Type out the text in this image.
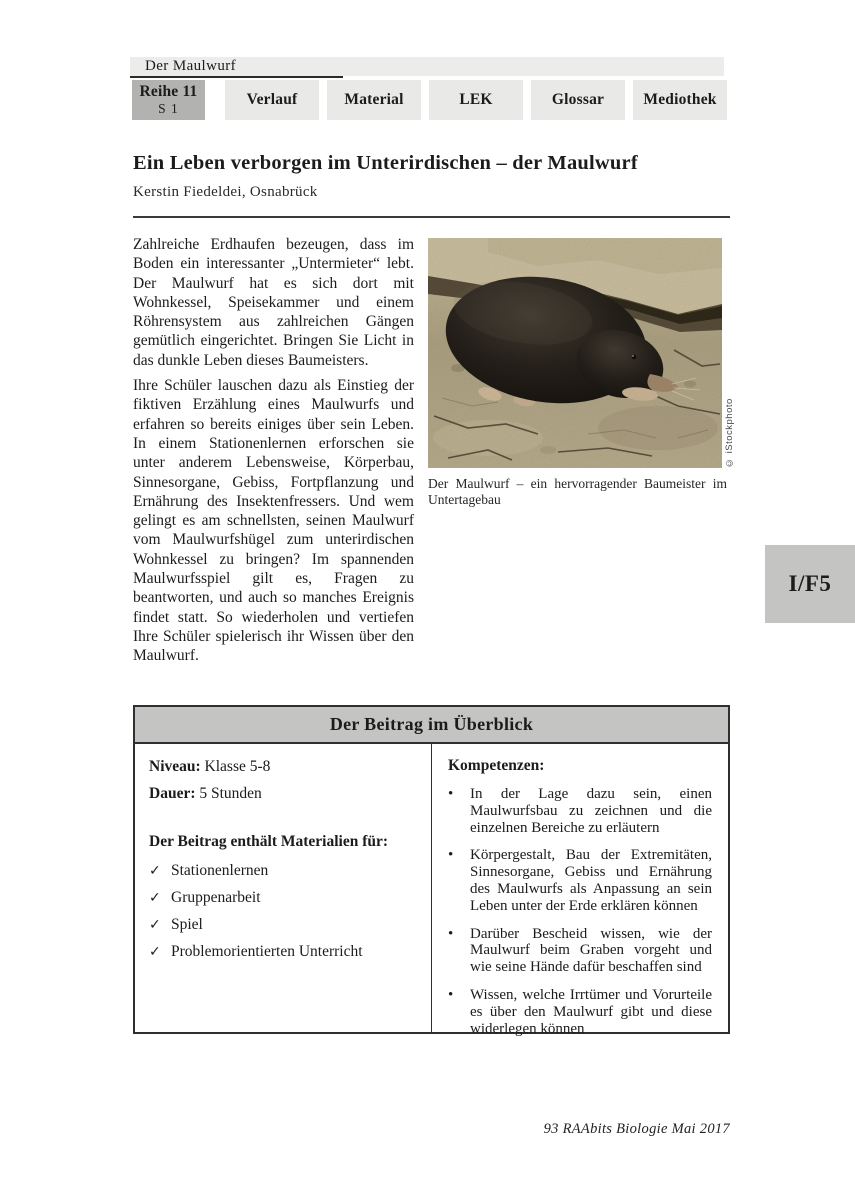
Der Maulwurf
Reihe 11
S 1
Verlauf	Material	LEK	Glossar	Mediothek
Ein Leben verborgen im Unterirdischen – der Maulwurf
Kerstin Fiedeldei, Osnabrück

Zahlreiche Erdhaufen bezeugen, dass im Boden ein interessanter „Untermieter“ lebt. Der Maulwurf hat es sich dort mit Wohnkessel, Speisekammer und einem Röhrensystem aus zahlreichen Gängen gemütlich eingerichtet. Bringen Sie Licht in das dunkle Leben dieses Baumeisters.

Ihre Schüler lauschen dazu als Einstieg der fiktiven Erzählung eines Maulwurfs und erfahren so bereits einiges über sein Leben. In einem Stationenlernen erforschen sie unter anderem Lebensweise, Körperbau, Sinnesorgane, Gebiss, Fortpflanzung und Ernährung des Insektenfressers. Und wem gelingt es am schnellsten, seinen Maulwurf vom Maulwurfshügel zum unterirdischen Wohnkessel zu bringen? Im spannenden Maulwurfsspiel gilt es, Fragen zu beantworten, und auch so manches Ereignis findet statt. So wiederholen und vertiefen Ihre Schüler spielerisch ihr Wissen über den Maulwurf.

© iStockphoto
Der Maulwurf – ein hervorragender Baumeister im Untertagebau
I/F5
Der Beitrag im Überblick
Niveau: Klasse 5-8
Dauer: 5 Stunden
Der Beitrag enthält Materialien für:
✓ Stationenlernen
✓ Gruppenarbeit
✓ Spiel
✓ Problemorientierten Unterricht
Kompetenzen:
•	In der Lage dazu sein, einen Maulwurfsbau zu zeichnen und die einzelnen Bereiche zu erläutern
•	Körpergestalt, Bau der Extremitäten, Sinnesorgane, Gebiss und Ernährung des Maulwurfs als Anpassung an sein Leben unter der Erde erklären können
•	Darüber Bescheid wissen, wie der Maulwurf beim Graben vorgeht und wie seine Hände dafür beschaffen sind
•	Wissen, welche Irrtümer und Vorurteile es über den Maulwurf gibt und diese widerlegen können
93 RAAbits Biologie Mai 2017
